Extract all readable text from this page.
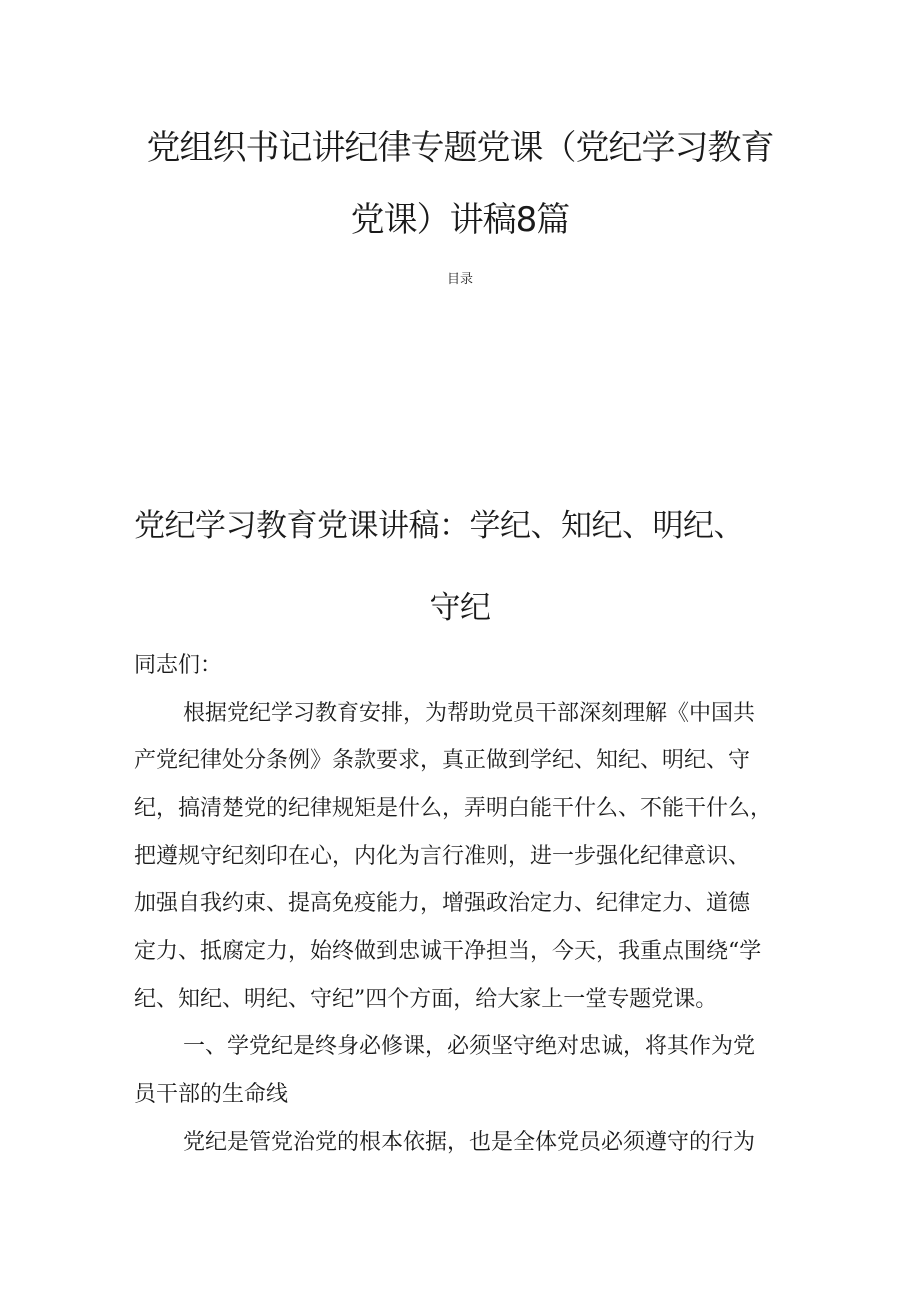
党组织书记讲纪律专题党课（党纪学习教育
党课）讲稿8篇
目录
党纪学习教育党课讲稿：学纪、知纪、明纪、
守纪
同志们：
根据党纪学习教育安排，为帮助党员干部深刻理解《中国共
产党纪律处分条例》条款要求，真正做到学纪、知纪、明纪、守
纪，搞清楚党的纪律规矩是什么，弄明白能干什么、不能干什么，
把遵规守纪刻印在心，内化为言行准则，进一步强化纪律意识、
加强自我约束、提高免疫能力，增强政治定力、纪律定力、道德
定力、抵腐定力，始终做到忠诚干净担当，今天，我重点围绕“学
纪、知纪、明纪、守纪”四个方面，给大家上一堂专题党课。
一、学党纪是终身必修课，必须坚守绝对忠诚，将其作为党
员干部的生命线
党纪是管党治党的根本依据，也是全体党员必须遵守的行为
